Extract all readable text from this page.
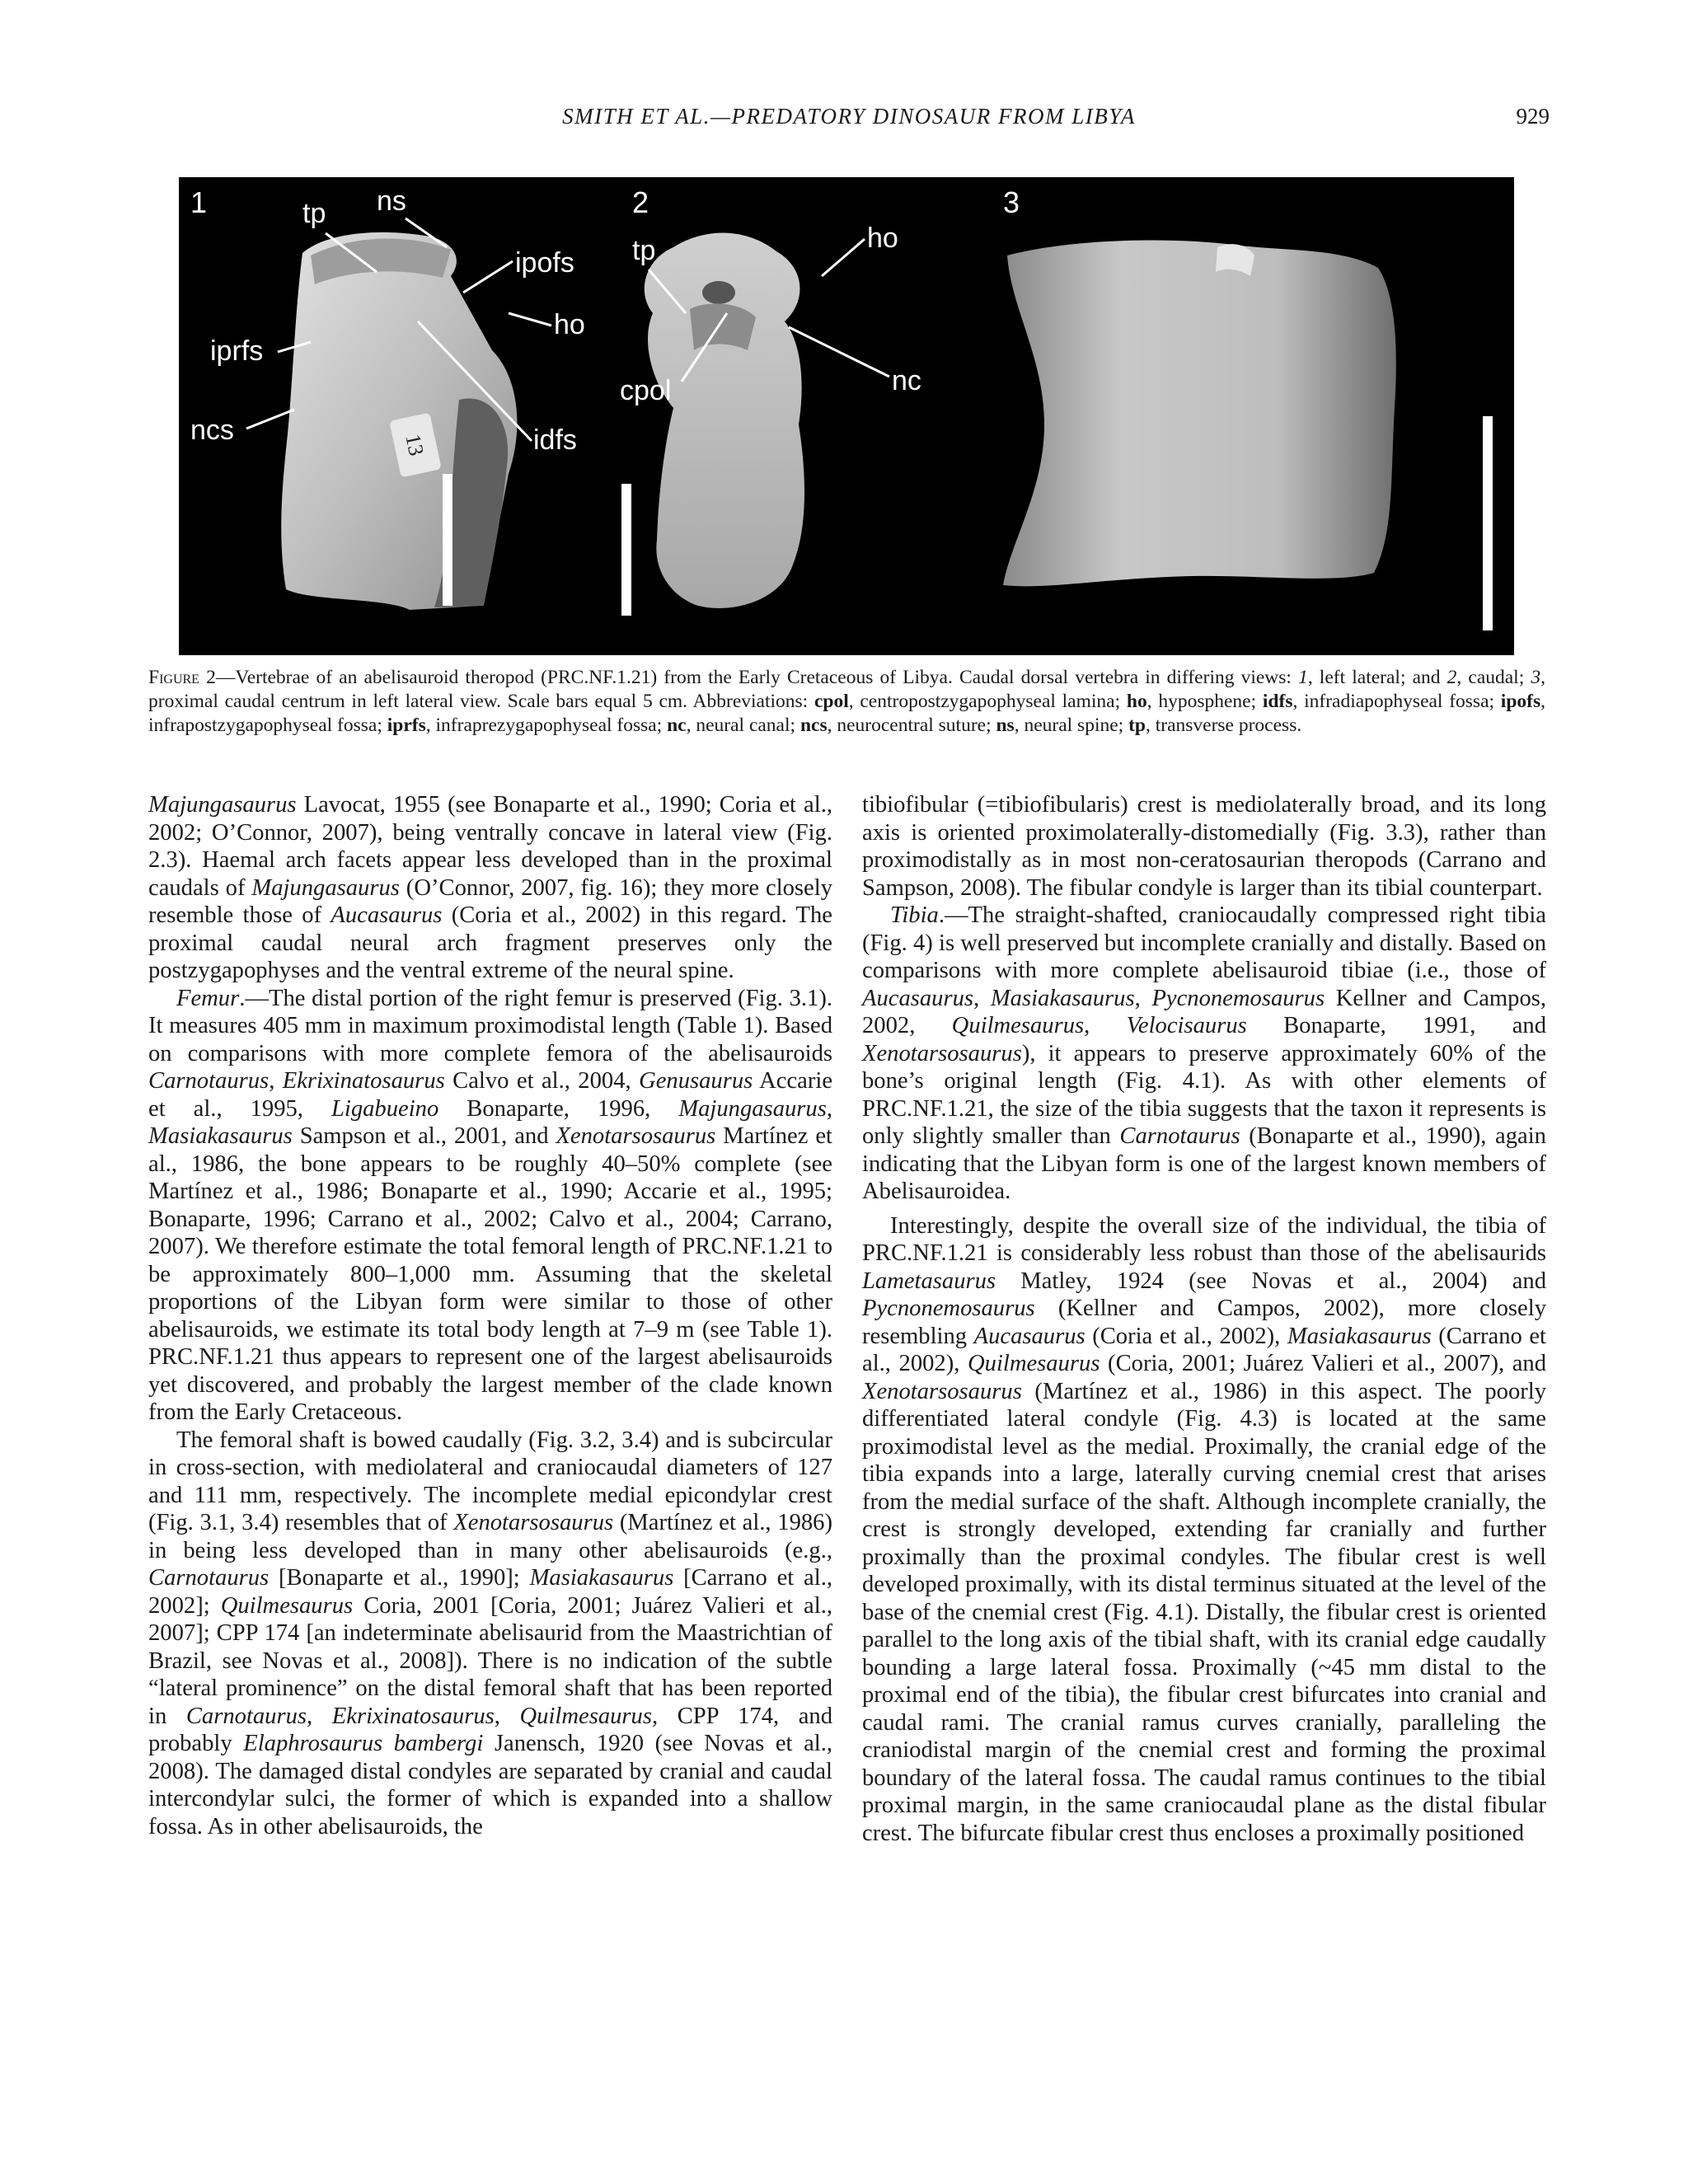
SMITH ET AL.—PREDATORY DINOSAUR FROM LIBYA	929
1	tp ns
ipofs
ho
iprfs
ncs	idfs
13
2
tp	ho
cpol	nc
3
Figure 2—Vertebrae of an abelisauroid theropod (PRC.NF.1.21) from the Early Cretaceous of Libya. Caudal dorsal vertebra in differing views: 1, left lateral; and 2, caudal; 3, proximal caudal centrum in left lateral view. Scale bars equal 5 cm. Abbreviations: cpol, centropostzygapophyseal lamina; ho, hyposphene; idfs, infradiapophyseal fossa; ipofs, infrapostzygapophyseal fossa; iprfs, infraprezygapophyseal fossa; nc, neural canal; ncs, neurocentral suture; ns, neural spine; tp, transverse process.

Majungasaurus Lavocat, 1955 (see Bonaparte et al., 1990; Coria et al., 2002; O’Connor, 2007), being ventrally concave in lateral view (Fig. 2.3). Haemal arch facets appear less developed than in the proximal caudals of Majungasaurus (O’Connor, 2007, fig. 16); they more closely resemble those of Aucasaurus (Coria et al., 2002) in this regard. The proximal caudal neural arch fragment preserves only the postzygapophyses and the ventral extreme of the neural spine.

Femur.—The distal portion of the right femur is preserved (Fig. 3.1). It measures 405 mm in maximum proximodistal length (Table 1). Based on comparisons with more complete femora of the abelisauroids Carnotaurus, Ekrixinatosaurus Calvo et al., 2004, Genusaurus Accarie et al., 1995, Ligabueino Bonaparte, 1996, Majungasaurus, Masiakasaurus Sampson et al., 2001, and Xenotarsosaurus Martínez et al., 1986, the bone appears to be roughly 40–50% complete (see Martínez et al., 1986; Bonaparte et al., 1990; Accarie et al., 1995; Bonaparte, 1996; Carrano et al., 2002; Calvo et al., 2004; Carrano, 2007). We therefore estimate the total femoral length of PRC.NF.1.21 to be approximately 800–1,000 mm. Assuming that the skeletal proportions of the Libyan form were similar to those of other abelisauroids, we estimate its total body length at 7–9 m (see Table 1). PRC.NF.1.21 thus appears to represent one of the largest abelisauroids yet discovered, and probably the largest member of the clade known from the Early Cretaceous.

The femoral shaft is bowed caudally (Fig. 3.2, 3.4) and is subcircular in cross-section, with mediolateral and craniocaudal diameters of 127 and 111 mm, respectively. The incomplete medial epicondylar crest (Fig. 3.1, 3.4) resembles that of Xenotarsosaurus (Martínez et al., 1986) in being less developed than in many other abelisauroids (e.g., Carnotaurus [Bonaparte et al., 1990]; Masiakasaurus [Carrano et al., 2002]; Quilmesaurus Coria, 2001 [Coria, 2001; Juárez Valieri et al., 2007]; CPP 174 [an indeterminate abelisaurid from the Maastrichtian of Brazil, see Novas et al., 2008]). There is no indication of the subtle “lateral prominence” on the distal femoral shaft that has been reported in Carnotaurus, Ekrixinatosaurus, Quilmesaurus, CPP 174, and probably Elaphrosaurus bambergi Janensch, 1920 (see Novas et al., 2008). The damaged distal condyles are separated by cranial and caudal intercondylar sulci, the former of which is expanded into a shallow fossa. As in other abelisauroids, the

tibiofibular (=tibiofibularis) crest is mediolaterally broad, and its long axis is oriented proximolaterally-distomedially (Fig. 3.3), rather than proximodistally as in most non-ceratosaurian theropods (Carrano and Sampson, 2008). The fibular condyle is larger than its tibial counterpart.

Tibia.—The straight-shafted, craniocaudally compressed right tibia (Fig. 4) is well preserved but incomplete cranially and distally. Based on comparisons with more complete abelisauroid tibiae (i.e., those of Aucasaurus, Masiakasaurus, Pycnonemosaurus Kellner and Campos, 2002, Quilmesaurus, Velocisaurus Bonaparte, 1991, and Xenotarsosaurus), it appears to preserve approximately 60% of the bone’s original length (Fig. 4.1). As with other elements of PRC.NF.1.21, the size of the tibia suggests that the taxon it represents is only slightly smaller than Carnotaurus (Bonaparte et al., 1990), again indicating that the Libyan form is one of the largest known members of Abelisauroidea.

Interestingly, despite the overall size of the individual, the tibia of PRC.NF.1.21 is considerably less robust than those of the abelisaurids Lametasaurus Matley, 1924 (see Novas et al., 2004) and Pycnonemosaurus (Kellner and Campos, 2002), more closely resembling Aucasaurus (Coria et al., 2002), Masiakasaurus (Carrano et al., 2002), Quilmesaurus (Coria, 2001; Juárez Valieri et al., 2007), and Xenotarsosaurus (Martínez et al., 1986) in this aspect. The poorly differentiated lateral condyle (Fig. 4.3) is located at the same proximodistal level as the medial. Proximally, the cranial edge of the tibia expands into a large, laterally curving cnemial crest that arises from the medial surface of the shaft. Although incomplete cranially, the crest is strongly developed, extending far cranially and further proximally than the proximal condyles. The fibular crest is well developed proximally, with its distal terminus situated at the level of the base of the cnemial crest (Fig. 4.1). Distally, the fibular crest is oriented parallel to the long axis of the tibial shaft, with its cranial edge caudally bounding a large lateral fossa. Proximally (~45 mm distal to the proximal end of the tibia), the fibular crest bifurcates into cranial and caudal rami. The cranial ramus curves cranially, paralleling the craniodistal margin of the cnemial crest and forming the proximal boundary of the lateral fossa. The caudal ramus continues to the tibial proximal margin, in the same craniocaudal plane as the distal fibular crest. The bifurcate fibular crest thus encloses a proximally positioned
